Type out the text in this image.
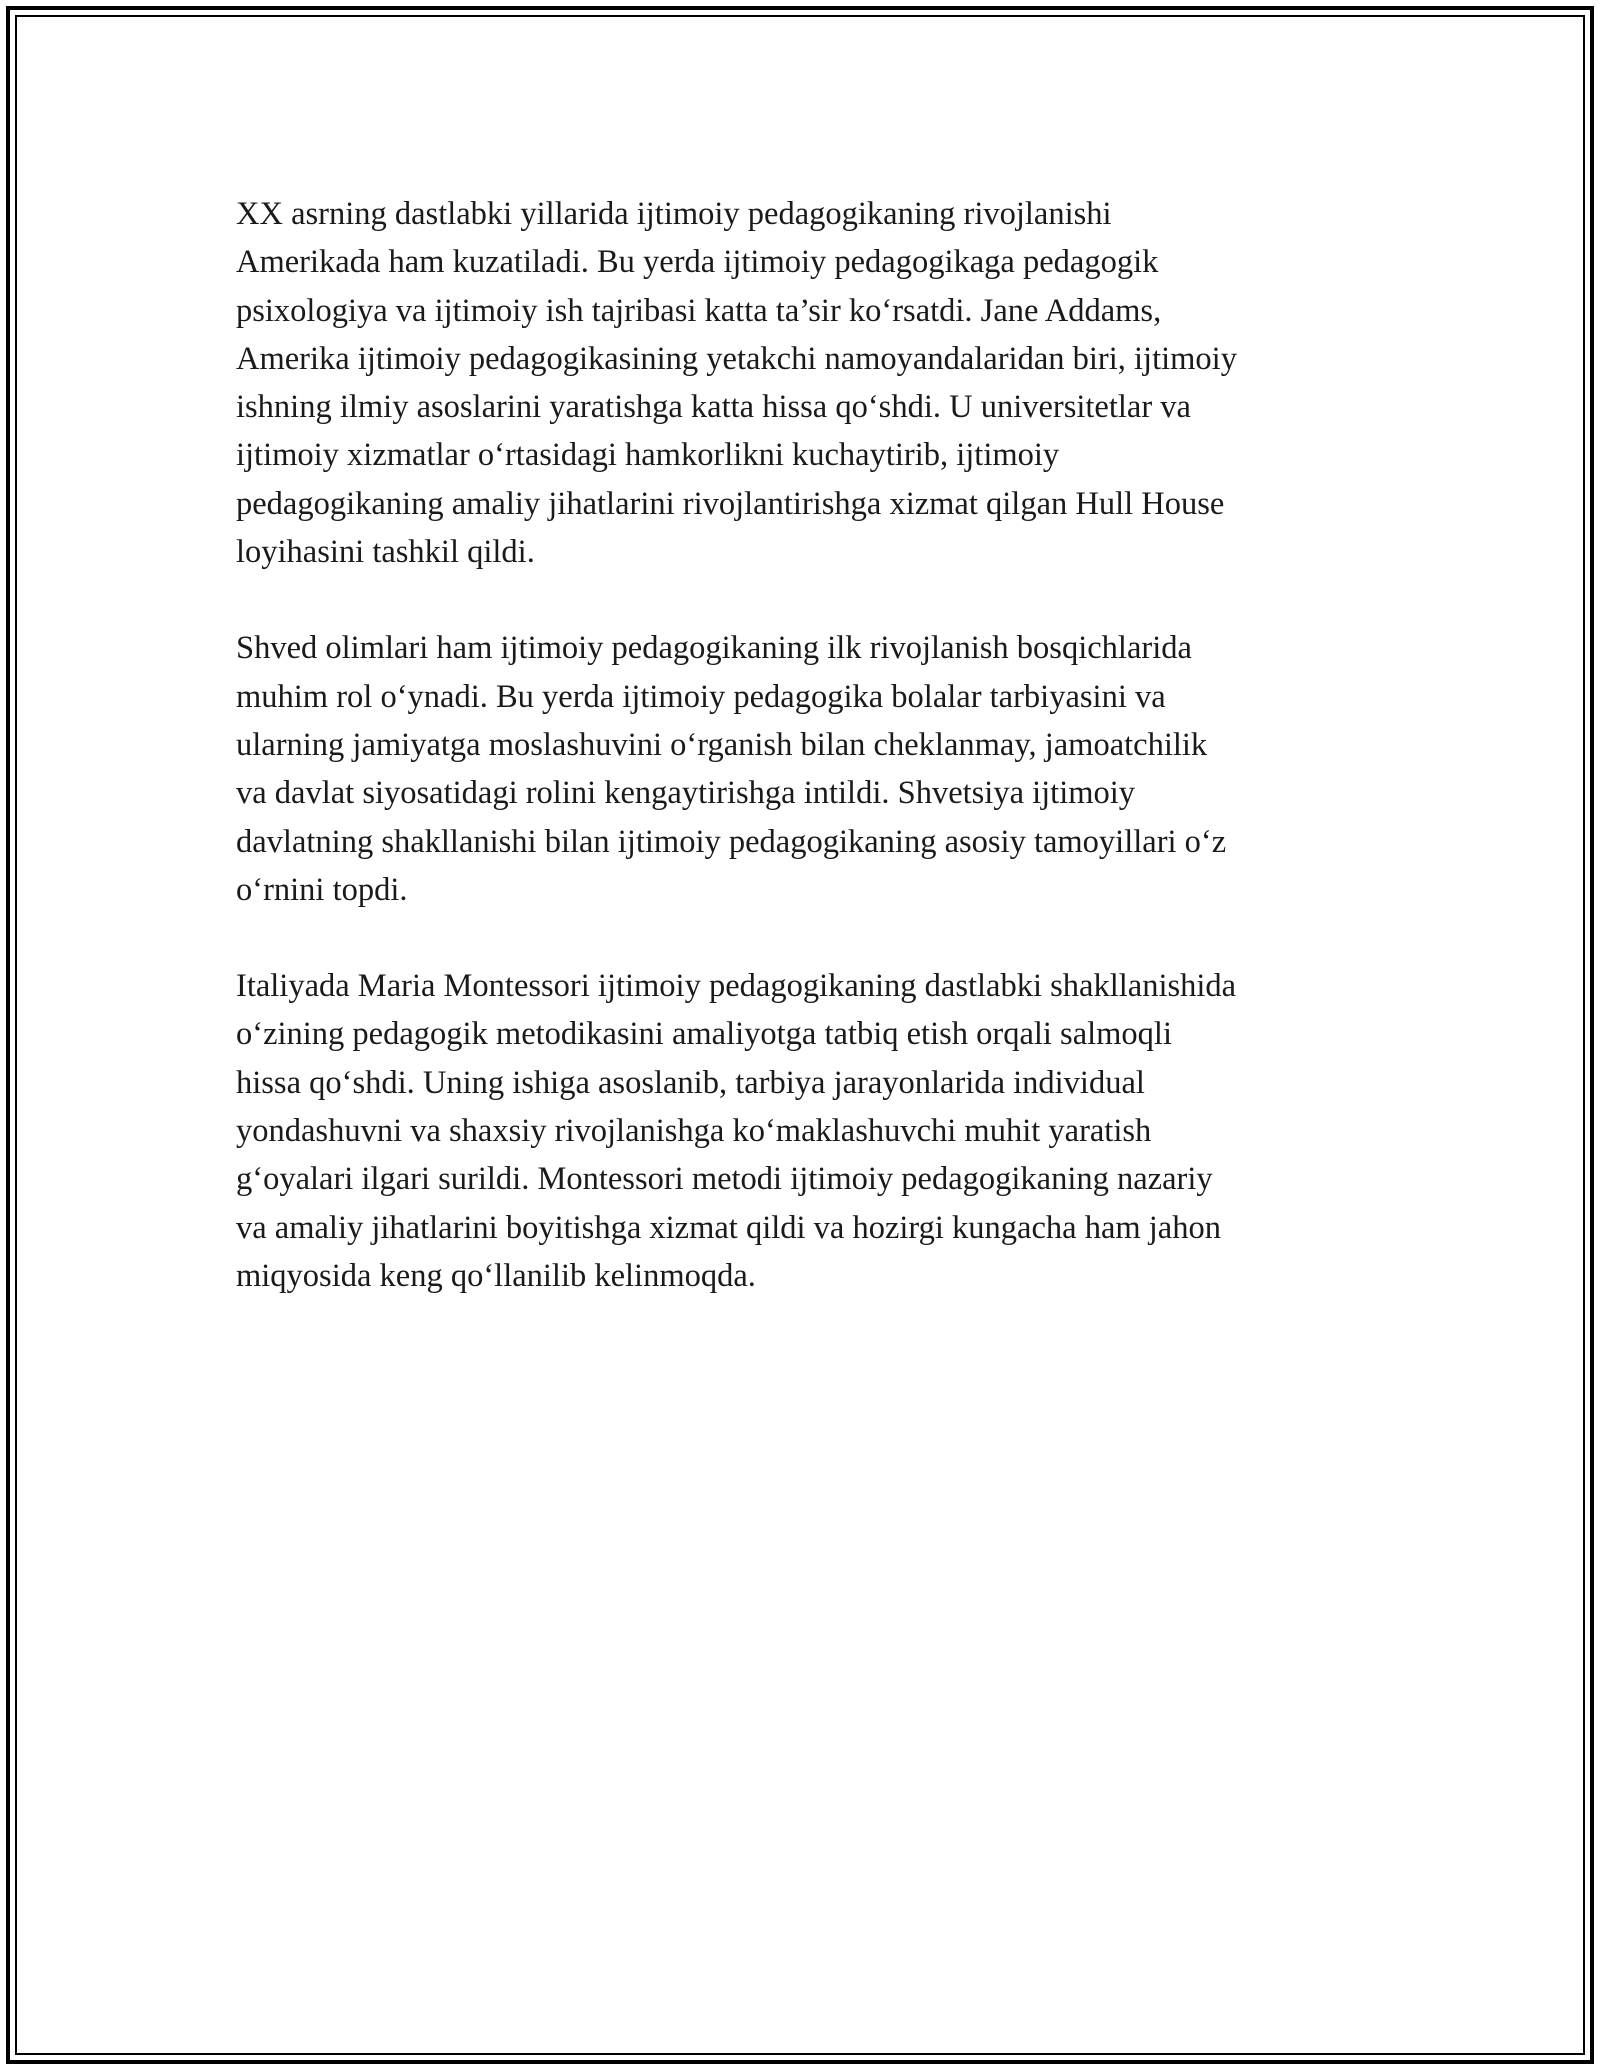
XX asrning dastlabki yillarida ijtimoiy pedagogikaning rivojlanishi
Amerikada ham kuzatiladi. Bu yerda ijtimoiy pedagogikaga pedagogik
psixologiya va ijtimoiy ish tajribasi katta ta’sir ko‘rsatdi. Jane Addams,
Amerika ijtimoiy pedagogikasining yetakchi namoyandalaridan biri, ijtimoiy
ishning ilmiy asoslarini yaratishga katta hissa qo‘shdi. U universitetlar va
ijtimoiy xizmatlar o‘rtasidagi hamkorlikni kuchaytirib, ijtimoiy
pedagogikaning amaliy jihatlarini rivojlantirishga xizmat qilgan Hull House
loyihasini tashkil qildi.

Shved olimlari ham ijtimoiy pedagogikaning ilk rivojlanish bosqichlarida
muhim rol o‘ynadi. Bu yerda ijtimoiy pedagogika bolalar tarbiyasini va
ularning jamiyatga moslashuvini o‘rganish bilan cheklanmay, jamoatchilik
va davlat siyosatidagi rolini kengaytirishga intildi. Shvetsiya ijtimoiy
davlatning shakllanishi bilan ijtimoiy pedagogikaning asosiy tamoyillari o‘z
o‘rnini topdi.

Italiyada Maria Montessori ijtimoiy pedagogikaning dastlabki shakllanishida
o‘zining pedagogik metodikasini amaliyotga tatbiq etish orqali salmoqli
hissa qo‘shdi. Uning ishiga asoslanib, tarbiya jarayonlarida individual
yondashuvni va shaxsiy rivojlanishga ko‘maklashuvchi muhit yaratish
g‘oyalari ilgari surildi. Montessori metodi ijtimoiy pedagogikaning nazariy
va amaliy jihatlarini boyitishga xizmat qildi va hozirgi kungacha ham jahon
miqyosida keng qo‘llanilib kelinmoqda.
